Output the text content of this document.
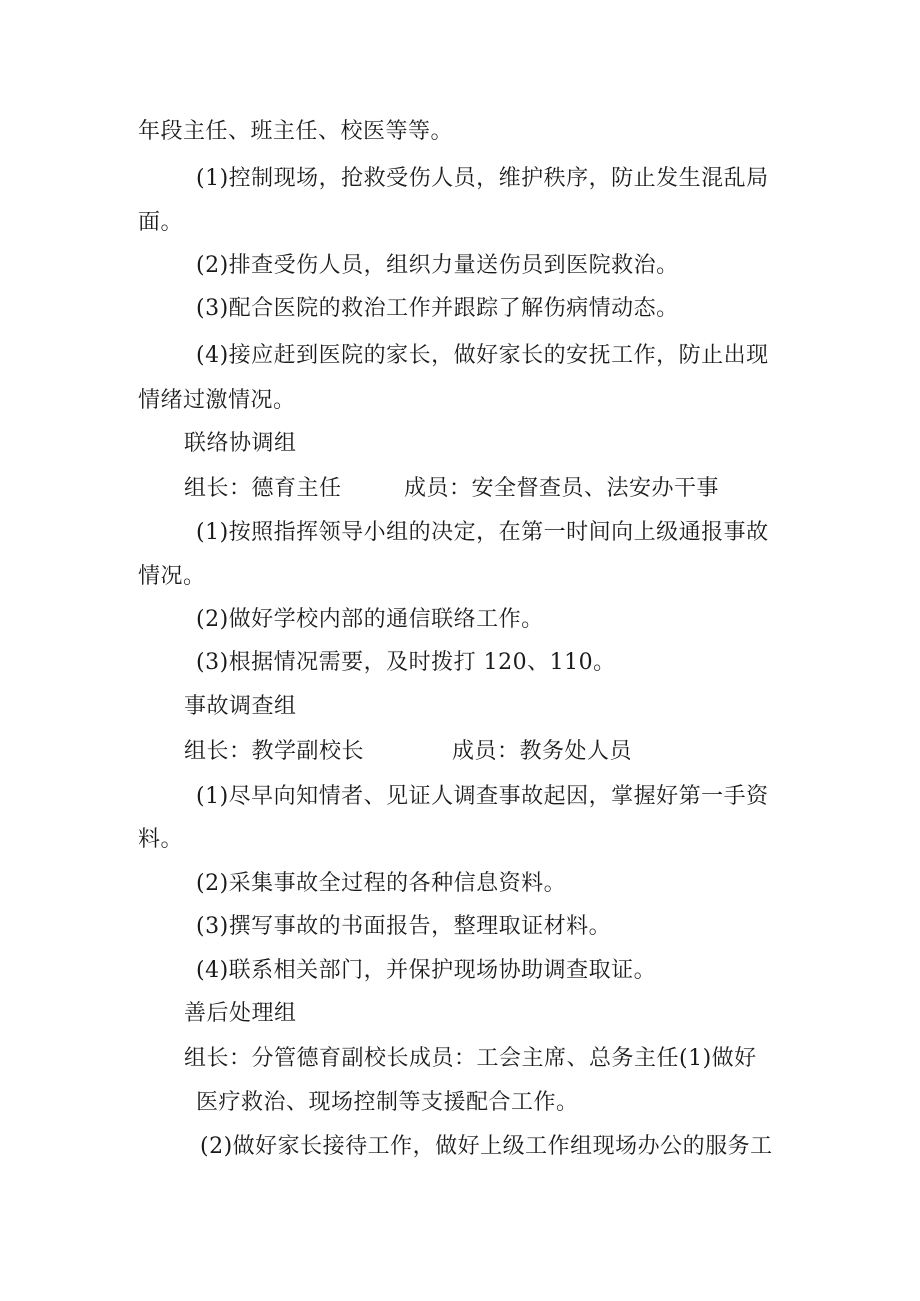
年段主任、班主任、校医等等。
(1)控制现场，抢救受伤人员，维护秩序，防止发生混乱局
面。
(2)排查受伤人员，组织力量送伤员到医院救治。
(3)配合医院的救治工作并跟踪了解伤病情动态。
(4)接应赶到医院的家长，做好家长的安抚工作，防止出现
情绪过激情况。
联络协调组
组长：德育主任	成员：安全督查员、法安办干事
(1)按照指挥领导小组的决定，在第一时间向上级通报事故
情况。
(2)做好学校内部的通信联络工作。
(3)根据情况需要，及时拨打 120、110。
事故调查组
组长：教学副校长	成员：教务处人员
(1)尽早向知情者、见证人调查事故起因，掌握好第一手资
料。
(2)采集事故全过程的各种信息资料。
(3)撰写事故的书面报告，整理取证材料。
(4)联系相关部门，并保护现场协助调查取证。
善后处理组
组长：分管德育副校长成员：工会主席、总务主任(1)做好
医疗救治、现场控制等支援配合工作。
(2)做好家长接待工作，做好上级工作组现场办公的服务工
